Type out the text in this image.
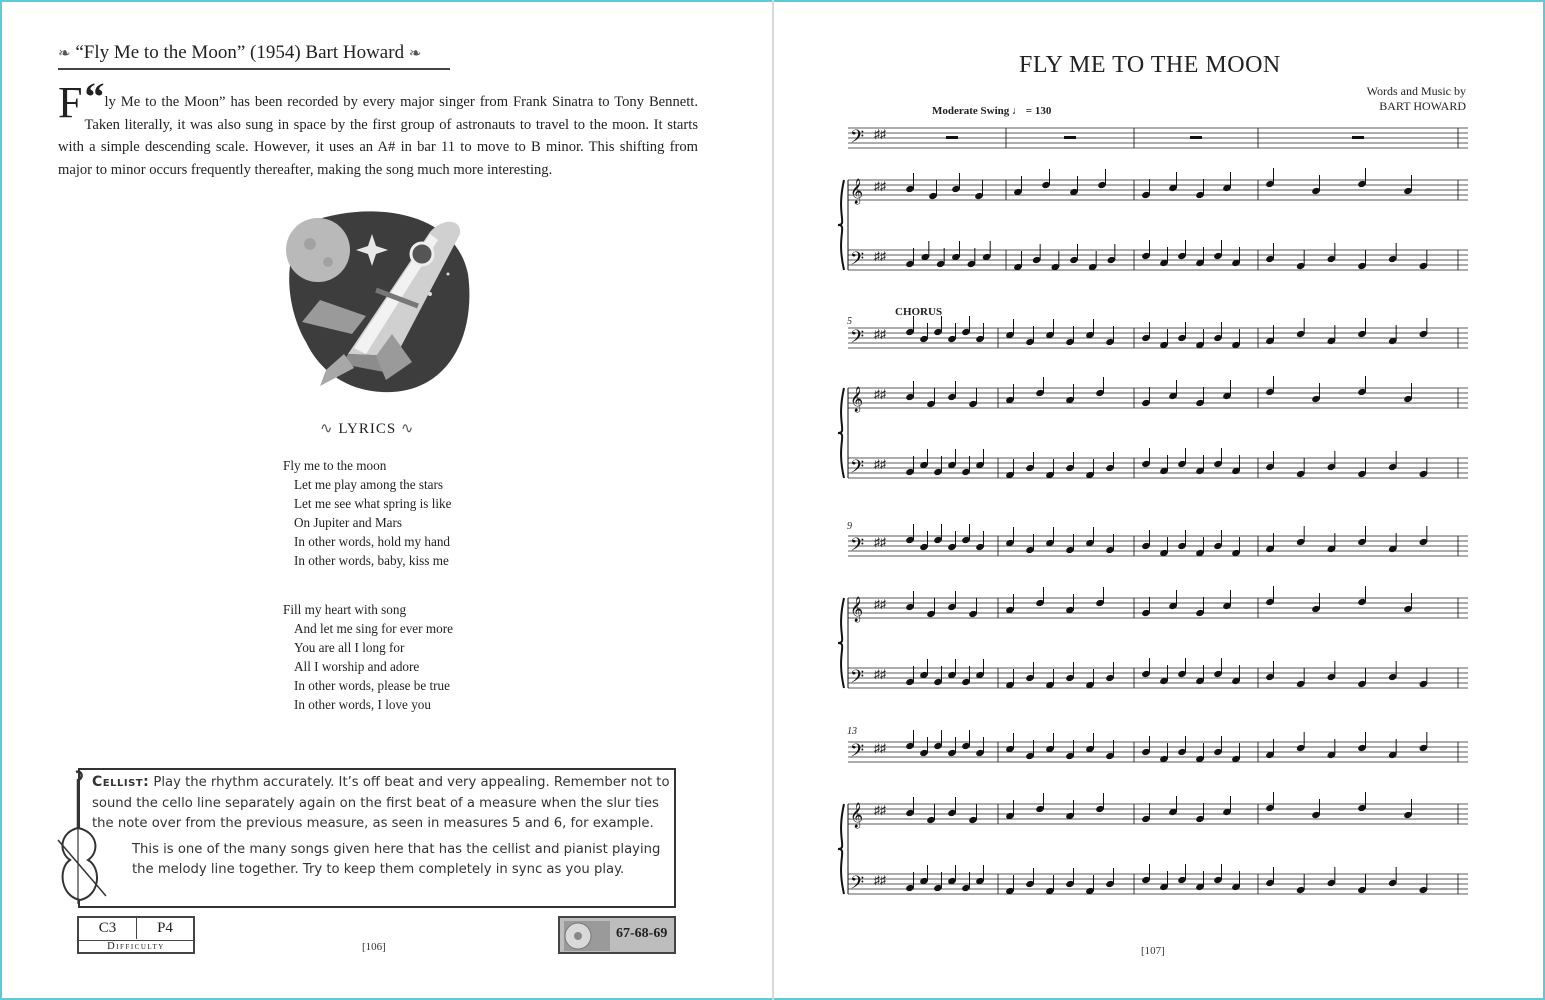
❧ “Fly Me to the Moon” (1954) Bart Howard ❧
“
F ly Me to the Moon” has been recorded by every major singer from Frank Sinatra to Tony Bennett. Taken literally, it was also sung in space by the first group of astronauts to travel to the moon. It starts with a simple descending scale. However, it uses an A# in bar 11 to move to B minor. This shifting from major to minor occurs frequently thereafter, making the song much more interesting.
∿ LYRICS ∿
Fly me to the moon
Let me play among the stars
Let me see what spring is like
On Jupiter and Mars
In other words, hold my hand
In other words, baby, kiss me
Fill my heart with song
And let me sing for ever more
You are all I long for
All I worship and adore
In other words, please be true
In other words, I love you
Cellist: Play the rhythm accurately. It’s off beat and very appealing. Remember not to sound the cello line separately again on the first beat of a measure when the slur ties the note over from the previous measure, as seen in measures 5 and 6, for example.
This is one of the many songs given here that has the cellist and pianist playing the melody line together. Try to keep them completely in sync as you play.
C3	P4
Difficulty	[106]
67-68-69
FLY ME TO THE MOON
Words and Music by
BART HOWARD
Moderate Swing ♩ = 130
CHORUS
5
9
13
𝄢 ♯♯
𝄞 ♯♯
𝄢 ♯♯
𝄢 ♯♯
𝄞 ♯♯
𝄢 ♯♯
𝄢 ♯♯
𝄞 ♯♯
𝄢 ♯♯
𝄢 ♯♯
𝄞 ♯♯
𝄢 ♯♯
[107]
